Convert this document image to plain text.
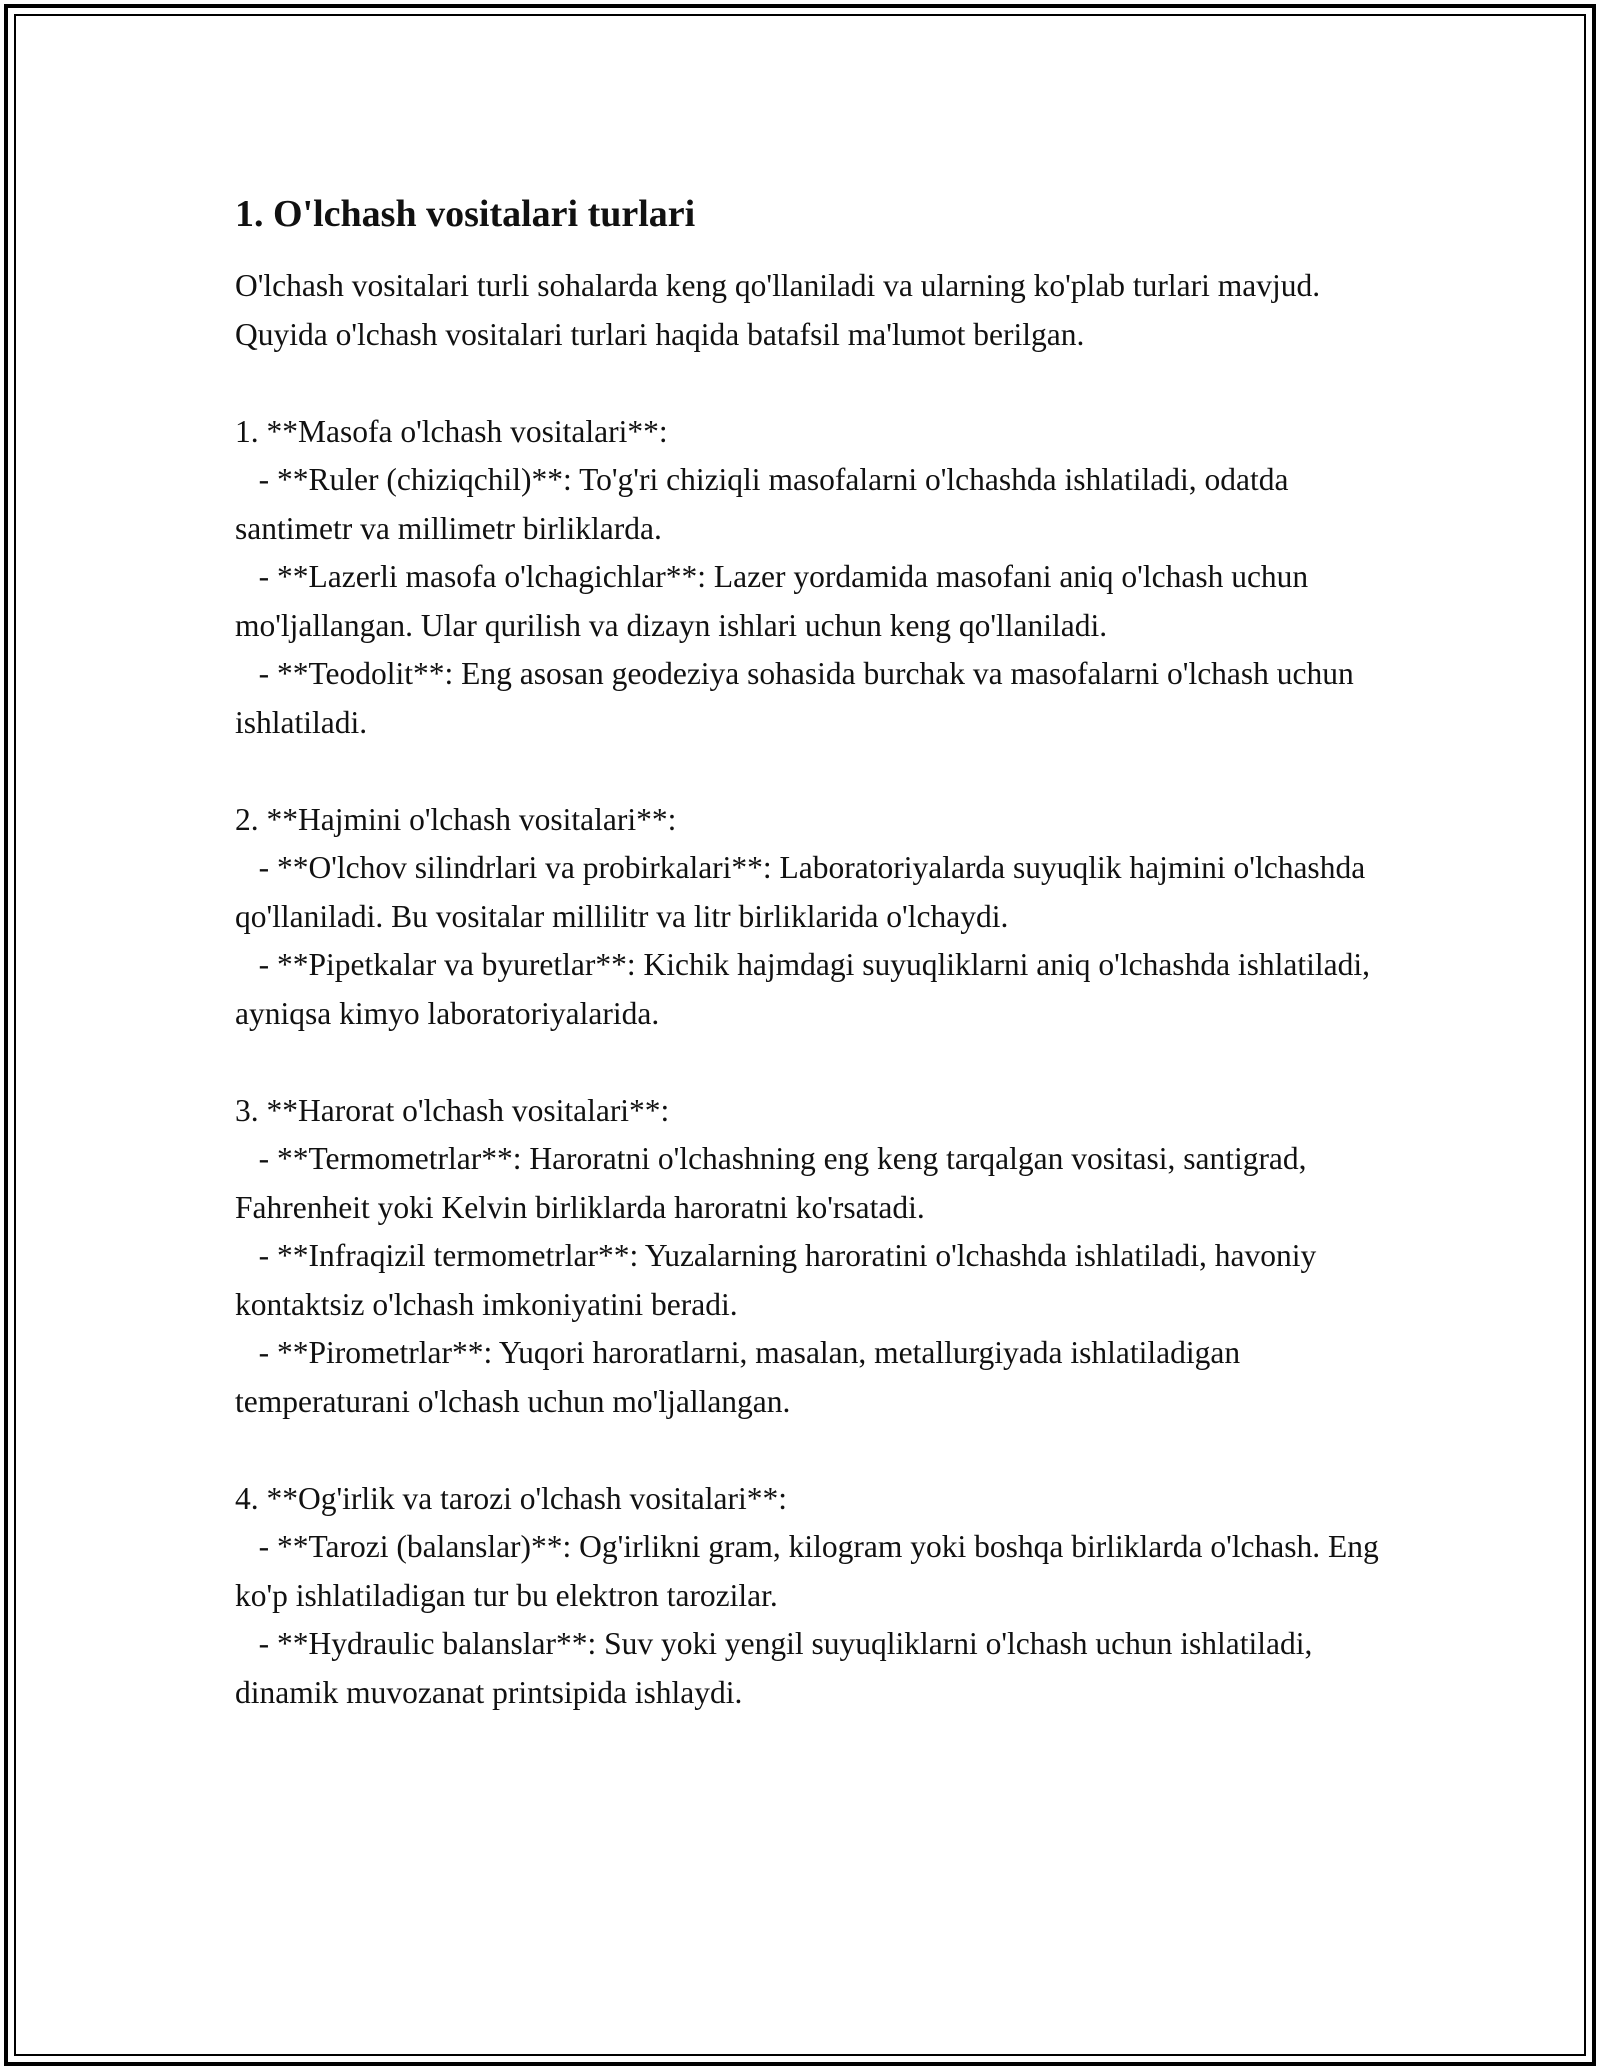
1. O'lchash vositalari turlari

O'lchash vositalari turli sohalarda keng qo'llaniladi va ularning ko'plab turlari mavjud. Quyida o'lchash vositalari turlari haqida batafsil ma'lumot berilgan.

1. **Masofa o'lchash vositalari**:

- **Ruler (chiziqchil)**: To'g'ri chiziqli masofalarni o'lchashda ishlatiladi, odatda santimetr va millimetr birliklarda.

- **Lazerli masofa o'lchagichlar**: Lazer yordamida masofani aniq o'lchash uchun mo'ljallangan. Ular qurilish va dizayn ishlari uchun keng qo'llaniladi.

- **Teodolit**: Eng asosan geodeziya sohasida burchak va masofalarni o'lchash uchun ishlatiladi.

2. **Hajmini o'lchash vositalari**:

- **O'lchov silindrlari va probirkalari**: Laboratoriyalarda suyuqlik hajmini o'lchashda qo'llaniladi. Bu vositalar millilitr va litr birliklarida o'lchaydi.

- **Pipetkalar va byuretlar**: Kichik hajmdagi suyuqliklarni aniq o'lchashda ishlatiladi, ayniqsa kimyo laboratoriyalarida.

3. **Harorat o'lchash vositalari**:

- **Termometrlar**: Haroratni o'lchashning eng keng tarqalgan vositasi, santigrad, Fahrenheit yoki Kelvin birliklarda haroratni ko'rsatadi.

- **Infraqizil termometrlar**: Yuzalarning haroratini o'lchashda ishlatiladi, havoniy kontaktsiz o'lchash imkoniyatini beradi.

- **Pirometrlar**: Yuqori haroratlarni, masalan, metallurgiyada ishlatiladigan temperaturani o'lchash uchun mo'ljallangan.

4. **Og'irlik va tarozi o'lchash vositalari**:

- **Tarozi (balanslar)**: Og'irlikni gram, kilogram yoki boshqa birliklarda o'lchash. Eng ko'p ishlatiladigan tur bu elektron tarozilar.

- **Hydraulic balanslar**: Suv yoki yengil suyuqliklarni o'lchash uchun ishlatiladi, dinamik muvozanat printsipida ishlaydi.
